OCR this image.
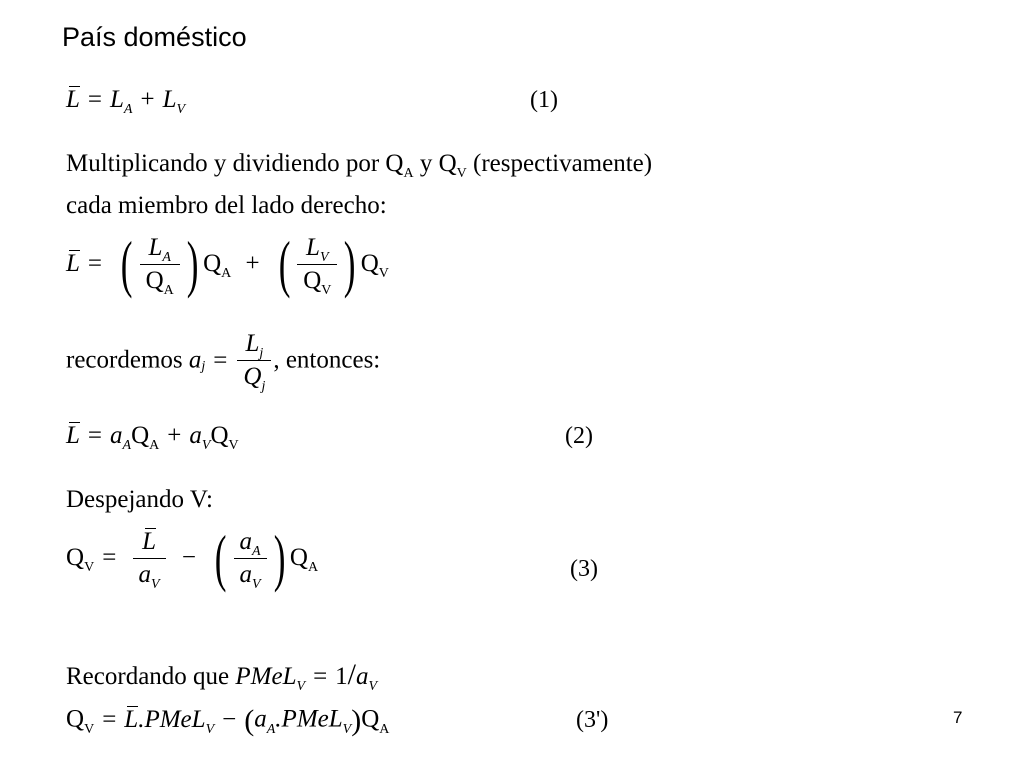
País doméstico
$L = L_A + L_V$	(1)
Multiplicando y dividiendo por $Q_A$ y $Q_V$ (respectivamente)
cada miembro del lado derecho:
L = ( $\frac{L_A}{Q_A}$ ) $Q_A$ + ( $\frac{L_V}{Q_V}$ ) $Q_V$
recordemos $a_j = \frac{L_j}{Q_j}$ , entonces:
$L = a_AQ_A + a_VQ_V$	(2)
Despejando V:
$Q_V = \frac{L}{a_V}$ − ( $\frac{a_A}{a_V}$ ) $Q_A$	(3)
Recordando que PMeL$_V$ = $1/a_V$
$Q_V$ = L.PMeL$_V$ − $(a_A.PMeL_V)Q_A$	(3')	7
